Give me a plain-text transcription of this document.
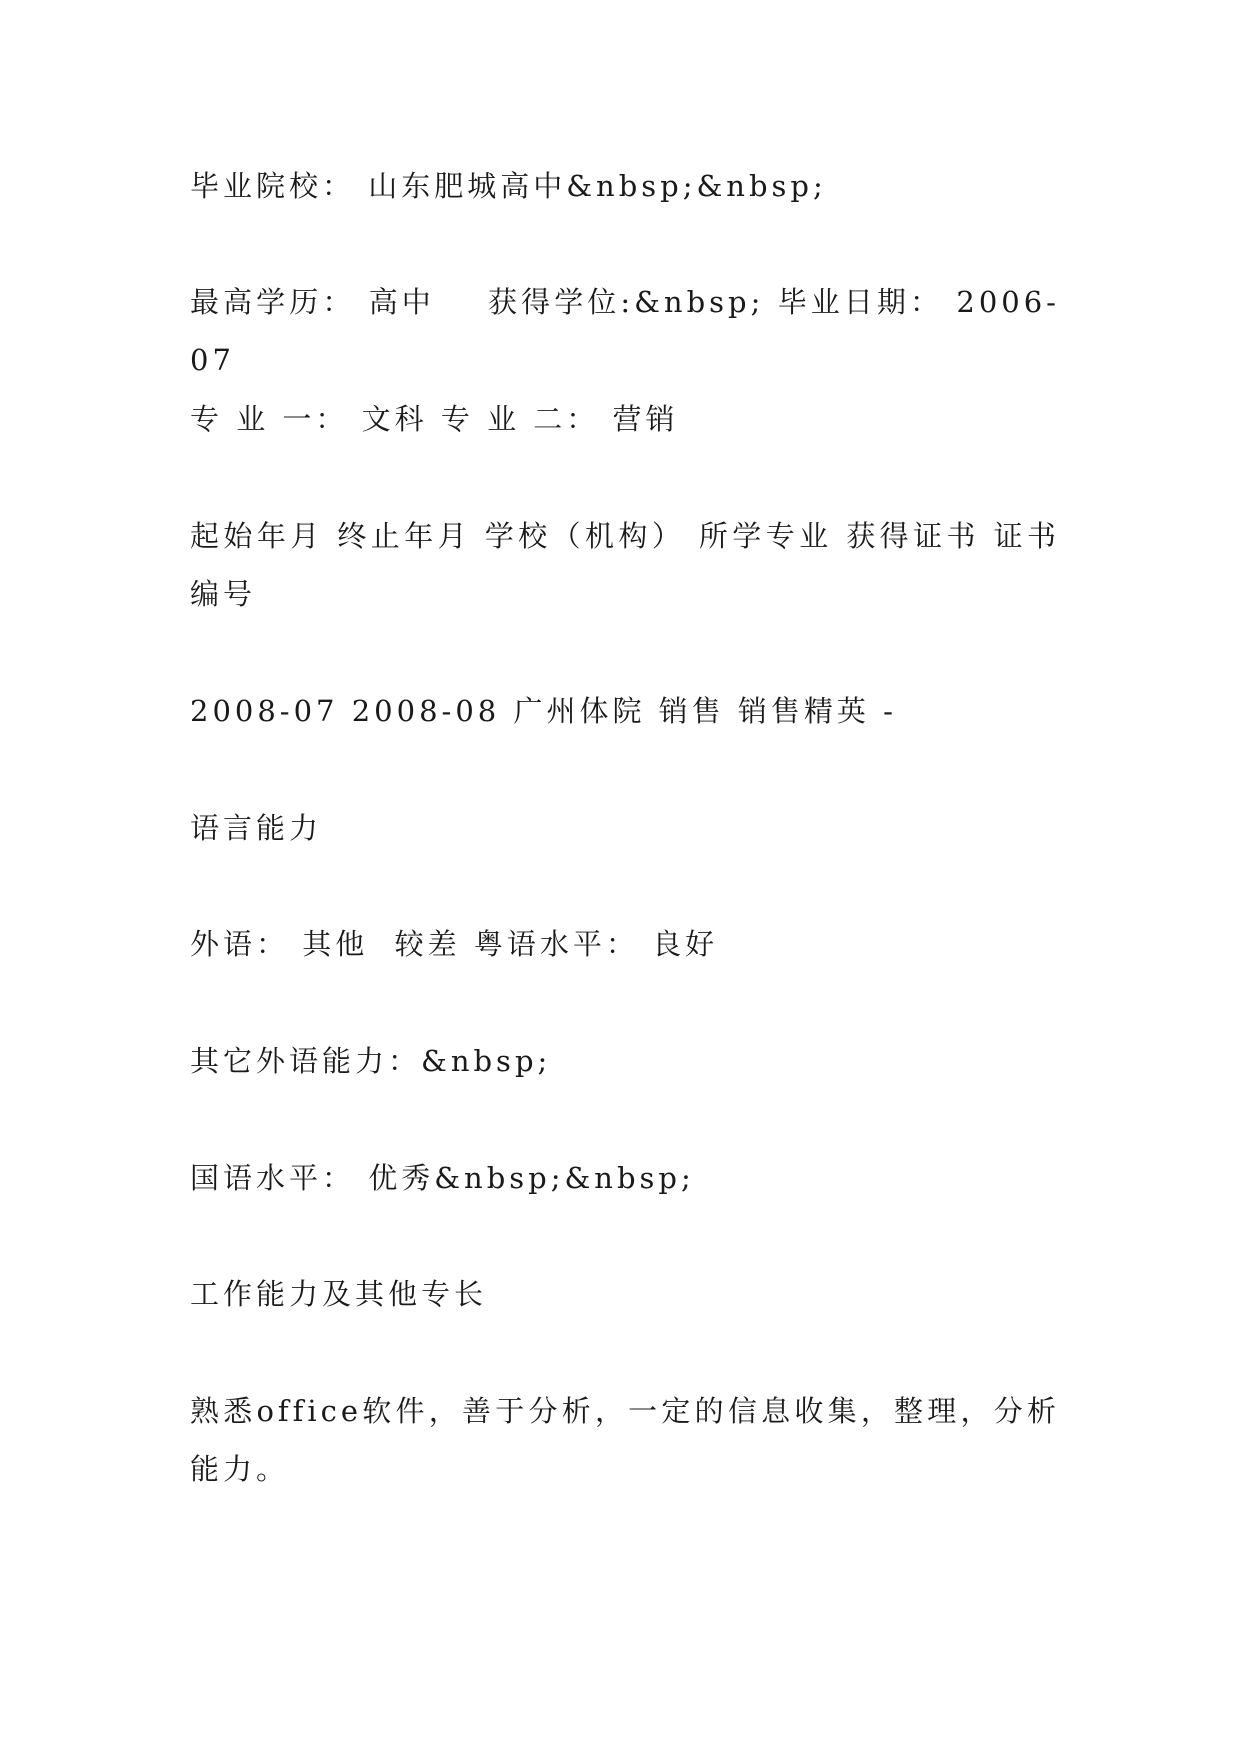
毕业院校： 山东肥城高中&nbsp;&nbsp;

最高学历： 高中    获得学位:&nbsp; 毕业日期： 2006-07

专 业 一： 文科 专 业 二： 营销

起始年月 终止年月 学校（机构） 所学专业 获得证书 证书编号

2008-07 2008-08 广州体院 销售 销售精英 -

语言能力

外语： 其他  较差 粤语水平： 良好

其它外语能力：&nbsp;

国语水平： 优秀&nbsp;&nbsp;

工作能力及其他专长

熟悉office软件，善于分析，一定的信息收集，整理，分析能力。
